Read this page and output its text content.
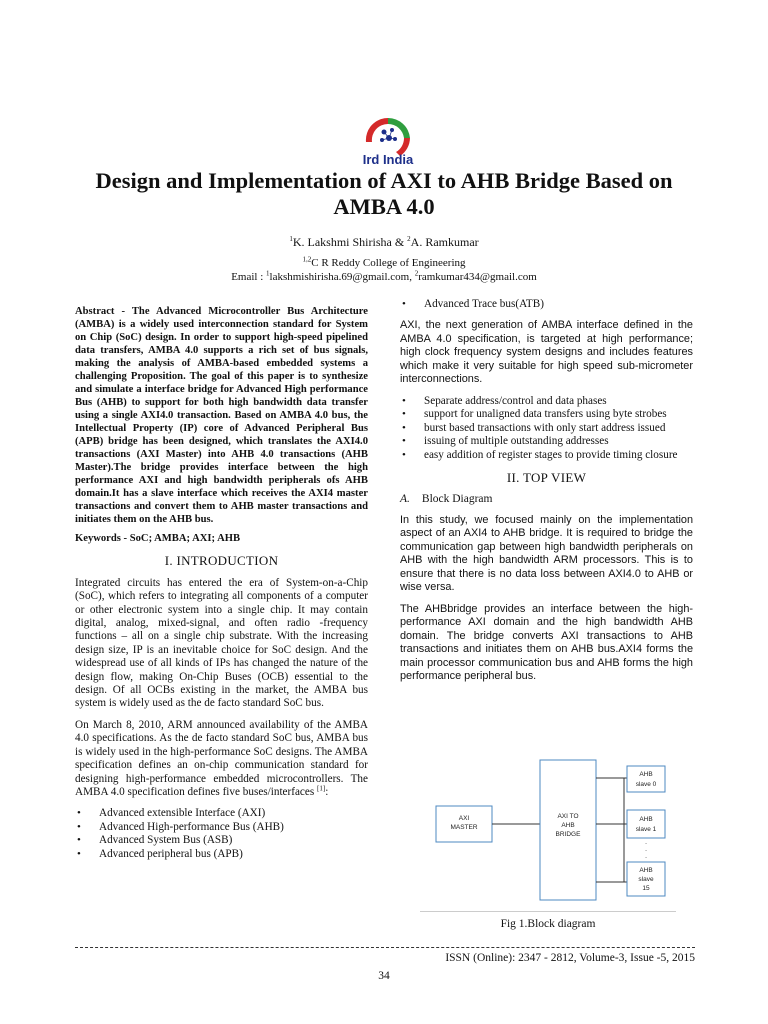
Ird India
Design and Implementation of AXI to AHB Bridge Based on AMBA 4.0
$^1$K. Lakshmi Shirisha & $^2$A. Ramkumar
$^{1,2}$C R Reddy College of Engineering
Email : $^1$lakshmishirisha.69@gmail.com, $^2$ramkumar434@gmail.com

Abstract - The Advanced Microcontroller Bus Architecture (AMBA) is a widely used interconnection standard for System on Chip (SoC) design. In order to support high-speed pipelined data transfers, AMBA 4.0 supports a rich set of bus signals, making the analysis of AMBA-based embedded systems a challenging Proposition. The goal of this paper is to synthesize and simulate a interface bridge for Advanced High performance Bus (AHB) to support for both high bandwidth data transfer using a single AXI4.0 transaction. Based on AMBA 4.0 bus, the Intellectual Property (IP) core of Advanced Peripheral Bus (APB) bridge has been designed, which translates the AXI4.0 transactions (AXI Master) into AHB 4.0 transactions (AHB Master).The bridge provides interface between the high performance AXI and high bandwidth peripherals ofs AHB domain.It has a slave interface which receives the AXI4 master transactions and convert them to AHB master transactions and initiates them on the AHB bus.

Keywords - SoC; AMBA; AXI; AHB

I. INTRODUCTION

Integrated circuits has entered the era of System-on-a-Chip (SoC), which refers to integrating all components of a computer or other electronic system into a single chip. It may contain digital, analog, mixed-signal, and often radio -frequency functions – all on a single chip substrate. With the increasing design size, IP is an inevitable choice for SoC design. And the widespread use of all kinds of IPs has changed the nature of the design flow, making On-Chip Buses (OCB) essential to the design. Of all OCBs existing in the market, the AMBA bus system is widely used as the de facto standard SoC bus.

On March 8, 2010, ARM announced availability of the AMBA 4.0 specifications. As the de facto standard SoC bus, AMBA bus is widely used in the high-performance SoC designs. The AMBA specification defines an on-chip communication standard for designing high-performance embedded microcontrollers. The AMBA 4.0 specification defines five buses/interfaces [1]:

• Advanced extensible Interface (AXI)
• Advanced High-performance Bus (AHB)
• Advanced System Bus (ASB)
• Advanced peripheral bus (APB)
• Advanced Trace bus(ATB)

AXI, the next generation of AMBA interface defined in the AMBA 4.0 specification, is targeted at high performance; high clock frequency system designs and includes features which make it very suitable for high speed sub-micrometer interconnections.

• Separate address/control and data phases
• support for unaligned data transfers using byte strobes
• burst based transactions with only start address issued
• issuing of multiple outstanding addresses
• easy addition of register stages to provide timing closure
II. TOP VIEW
A. Block Diagram

In this study, we focused mainly on the implementation aspect of an AXI4 to AHB bridge. It is required to bridge the communication gap between high bandwidth peripherals on AHB with the high bandwidth ARM processors. This is to ensure that there is no data loss between AXI4.0 to AHB or wise versa.

The AHBbridge provides an interface between the high-performance AXI domain and the high bandwidth AHB domain. The bridge converts AXI transactions to AHB transactions and initiates them on AHB bus.AXI4 forms the main processor communication bus and AHB forms the high performance peripheral bus.

AXI
MASTER
AXI TO
AHB
BRIDGE
AHB
slave 0
AHB
slave 1
.
.
.
AHB
slave
15
Fig 1.Block diagram
ISSN (Online): 2347 - 2812, Volume-3, Issue -5, 2015
34
